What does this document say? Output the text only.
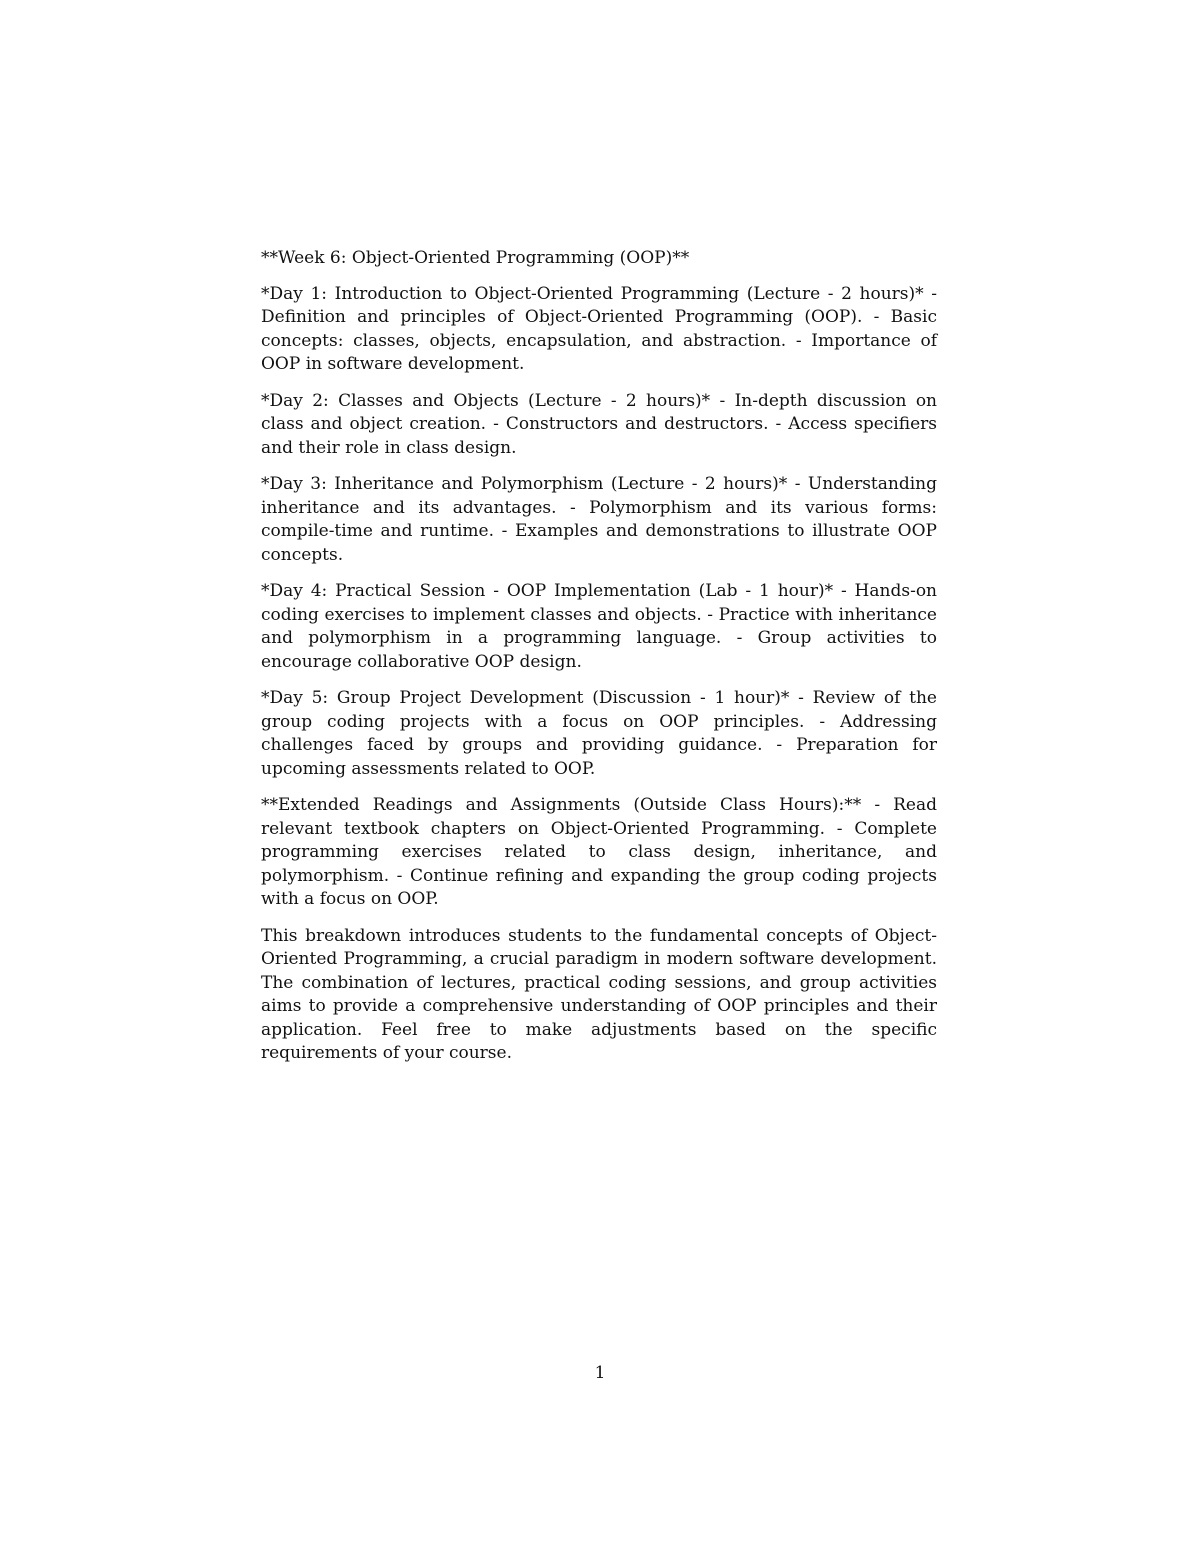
**Week 6: Object-Oriented Programming (OOP)**

*Day 1: Introduction to Object-Oriented Programming (Lecture - 2 hours)* - Definition and principles of Object-Oriented Programming (OOP). - Basic concepts: classes, objects, encapsulation, and abstraction. - Importance of OOP in software development.

*Day 2: Classes and Objects (Lecture - 2 hours)* - In-depth discussion on class and object creation. - Constructors and destructors. - Access specifiers and their role in class design.

*Day 3: Inheritance and Polymorphism (Lecture - 2 hours)* - Understanding inheritance and its advantages. - Polymorphism and its various forms: compile-time and runtime. - Examples and demonstrations to illustrate OOP concepts.

*Day 4: Practical Session - OOP Implementation (Lab - 1 hour)* - Hands-on coding exercises to implement classes and objects. - Practice with inheritance and polymorphism in a programming language. - Group activities to encourage collaborative OOP design.

*Day 5: Group Project Development (Discussion - 1 hour)* - Review of the group coding projects with a focus on OOP principles. - Addressing challenges faced by groups and providing guidance. - Preparation for upcoming assessments related to OOP.

**Extended Readings and Assignments (Outside Class Hours):** - Read relevant textbook chapters on Object-Oriented Programming. - Complete programming exercises related to class design, inheritance, and polymorphism. - Continue refining and expanding the group coding projects with a focus on OOP.

This breakdown introduces students to the fundamental concepts of Object-Oriented Programming, a crucial paradigm in modern software development. The combination of lectures, practical coding sessions, and group activities aims to provide a comprehensive understanding of OOP principles and their application. Feel free to make adjustments based on the specific requirements of your course.

1
